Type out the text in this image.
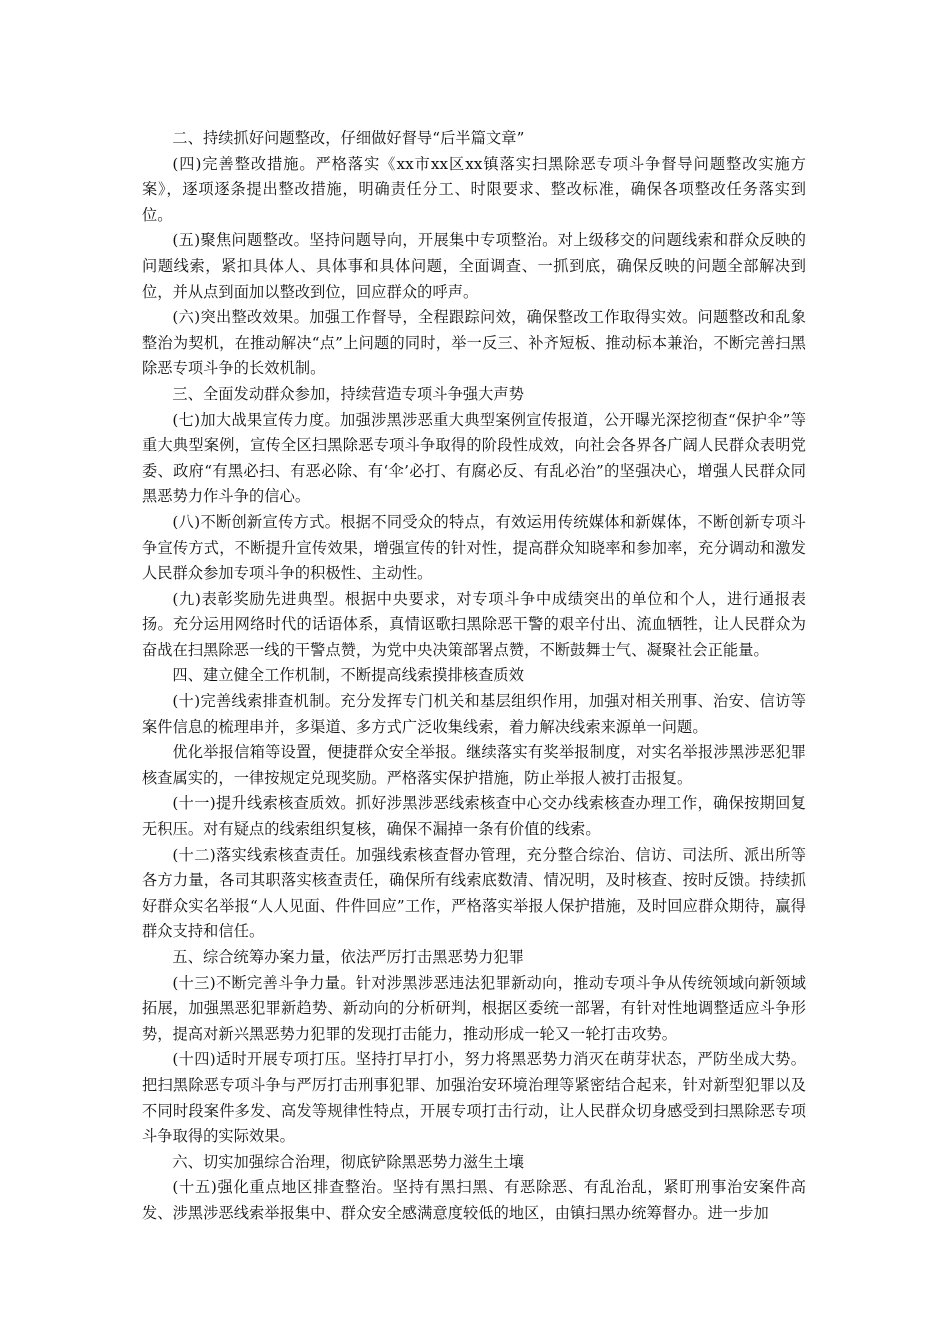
二、持续抓好问题整改，仔细做好督导“后半篇文章”

(四)完善整改措施。严格落实《xx市xx区xx镇落实扫黑除恶专项斗争督导问题整改实施方案》，逐项逐条提出整改措施，明确责任分工、时限要求、整改标准，确保各项整改任务落实到位。

(五)聚焦问题整改。坚持问题导向，开展集中专项整治。对上级移交的问题线索和群众反映的问题线索，紧扣具体人、具体事和具体问题，全面调查、一抓到底，确保反映的问题全部解决到位，并从点到面加以整改到位，回应群众的呼声。

(六)突出整改效果。加强工作督导，全程跟踪问效，确保整改工作取得实效。问题整改和乱象整治为契机，在推动解决“点”上问题的同时，举一反三、补齐短板、推动标本兼治，不断完善扫黑除恶专项斗争的长效机制。

三、全面发动群众参加，持续营造专项斗争强大声势

(七)加大战果宣传力度。加强涉黑涉恶重大典型案例宣传报道，公开曝光深挖彻查“保护伞”等重大典型案例，宣传全区扫黑除恶专项斗争取得的阶段性成效，向社会各界各广阔人民群众表明党委、政府“有黑必扫、有恶必除、有‘伞’必打、有腐必反、有乱必治”的坚强决心，增强人民群众同黑恶势力作斗争的信心。

(八)不断创新宣传方式。根据不同受众的特点，有效运用传统媒体和新媒体，不断创新专项斗争宣传方式，不断提升宣传效果，增强宣传的针对性，提高群众知晓率和参加率，充分调动和激发人民群众参加专项斗争的积极性、主动性。

(九)表彰奖励先进典型。根据中央要求，对专项斗争中成绩突出的单位和个人，进行通报表扬。充分运用网络时代的话语体系，真情讴歌扫黑除恶干警的艰辛付出、流血牺牲，让人民群众为奋战在扫黑除恶一线的干警点赞，为党中央决策部署点赞，不断鼓舞士气、凝聚社会正能量。

四、建立健全工作机制，不断提高线索摸排核查质效

(十)完善线索排查机制。充分发挥专门机关和基层组织作用，加强对相关刑事、治安、信访等案件信息的梳理串并，多渠道、多方式广泛收集线索，着力解决线索来源单一问题。

优化举报信箱等设置，便捷群众安全举报。继续落实有奖举报制度，对实名举报涉黑涉恶犯罪核查属实的，一律按规定兑现奖励。严格落实保护措施，防止举报人被打击报复。

(十一)提升线索核查质效。抓好涉黑涉恶线索核查中心交办线索核查办理工作，确保按期回复无积压。对有疑点的线索组织复核，确保不漏掉一条有价值的线索。

(十二)落实线索核查责任。加强线索核查督办管理，充分整合综治、信访、司法所、派出所等各方力量，各司其职落实核查责任，确保所有线索底数清、情况明，及时核查、按时反馈。持续抓好群众实名举报“人人见面、件件回应”工作，严格落实举报人保护措施，及时回应群众期待，赢得群众支持和信任。

五、综合统筹办案力量，依法严厉打击黑恶势力犯罪

(十三)不断完善斗争力量。针对涉黑涉恶违法犯罪新动向，推动专项斗争从传统领域向新领域拓展，加强黑恶犯罪新趋势、新动向的分析研判，根据区委统一部署，有针对性地调整适应斗争形势，提高对新兴黑恶势力犯罪的发现打击能力，推动形成一轮又一轮打击攻势。

(十四)适时开展专项打压。坚持打早打小，努力将黑恶势力消灭在萌芽状态，严防坐成大势。把扫黑除恶专项斗争与严厉打击刑事犯罪、加强治安环境治理等紧密结合起来，针对新型犯罪以及不同时段案件多发、高发等规律性特点，开展专项打击行动，让人民群众切身感受到扫黑除恶专项斗争取得的实际效果。

六、切实加强综合治理，彻底铲除黑恶势力滋生土壤

(十五)强化重点地区排查整治。坚持有黑扫黑、有恶除恶、有乱治乱，紧盯刑事治安案件高发、涉黑涉恶线索举报集中、群众安全感满意度较低的地区，由镇扫黑办统筹督办。进一步加
